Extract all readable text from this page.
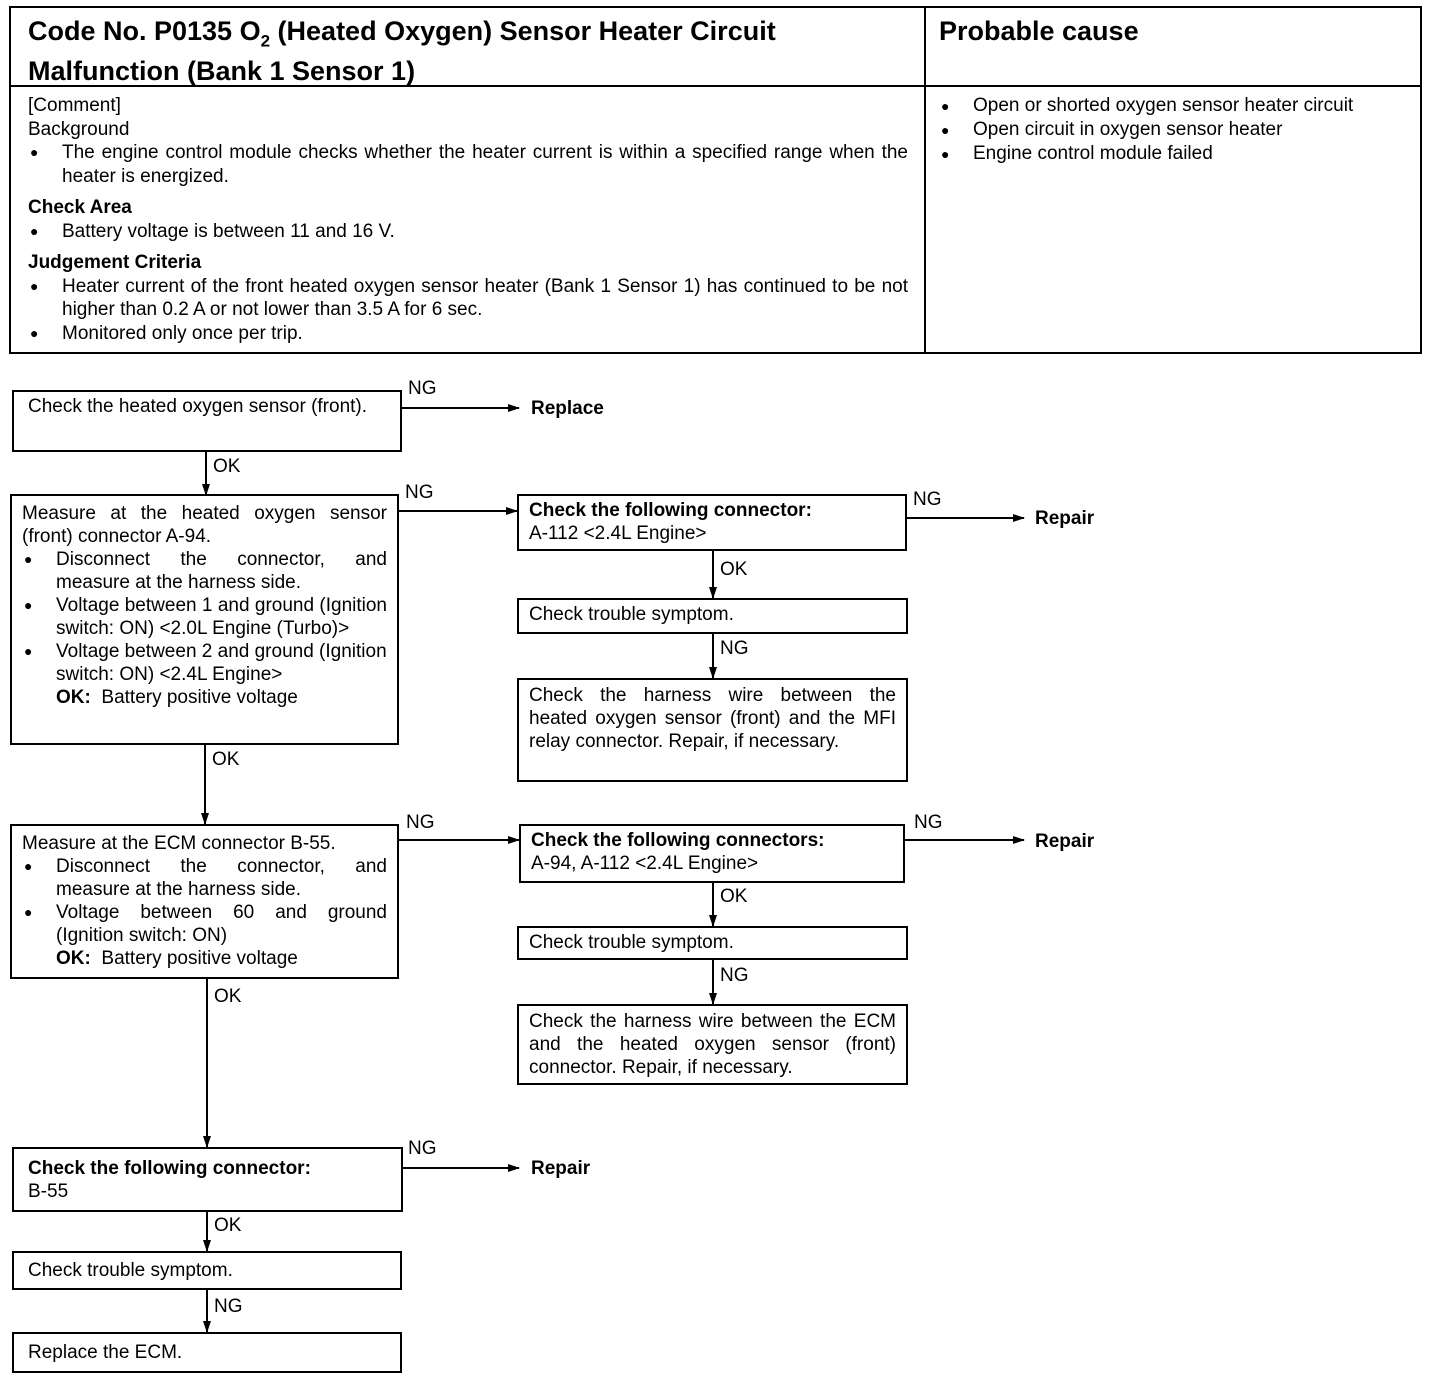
Code No. P0135 $O_2$ (Heated Oxygen) Sensor Heater Circuit Malfunction (Bank 1 Sensor 1)
Probable cause
[Comment]
Background
● The engine control module checks whether the heater current is within a specified range when the heater is energized.
Check Area
● Battery voltage is between 11 and 16 V.
Judgement Criteria
● Heater current of the front heated oxygen sensor heater (Bank 1 Sensor 1) has continued to be not higher than 0.2 A or not lower than 3.5 A for 6 sec.
● Monitored only once per trip.
● Open or shorted oxygen sensor heater circuit
● Open circuit in oxygen sensor heater
● Engine control module failed
Check the heated oxygen sensor (front).
NG
Replace
OK
Measure at the heated oxygen sensor (front) connector A-94.
● Disconnect the connector, and measure at the harness side.
● Voltage between 1 and ground (Ignition switch: ON) <2.0L Engine (Turbo)>
● Voltage between 2 and ground (Ignition switch: ON) <2.4L Engine>
OK: Battery positive voltage
NG
Check the following connector:
A-112 <2.4L Engine>
NG
Repair
OK
Check trouble symptom.
NG
Check the harness wire between the heated oxygen sensor (front) and the MFI relay connector. Repair, if necessary.
OK
Measure at the ECM connector B-55.
● Disconnect the connector, and measure at the harness side.
● Voltage between 60 and ground (Ignition switch: ON)
OK: Battery positive voltage
NG
Check the following connectors:
A-94, A-112 <2.4L Engine>
NG
Repair
OK
Check trouble symptom.
NG
Check the harness wire between the ECM and the heated oxygen sensor (front) connector. Repair, if necessary.
OK
Check the following connector:
B-55
NG
Repair
OK
Check trouble symptom.
NG
Replace the ECM.
